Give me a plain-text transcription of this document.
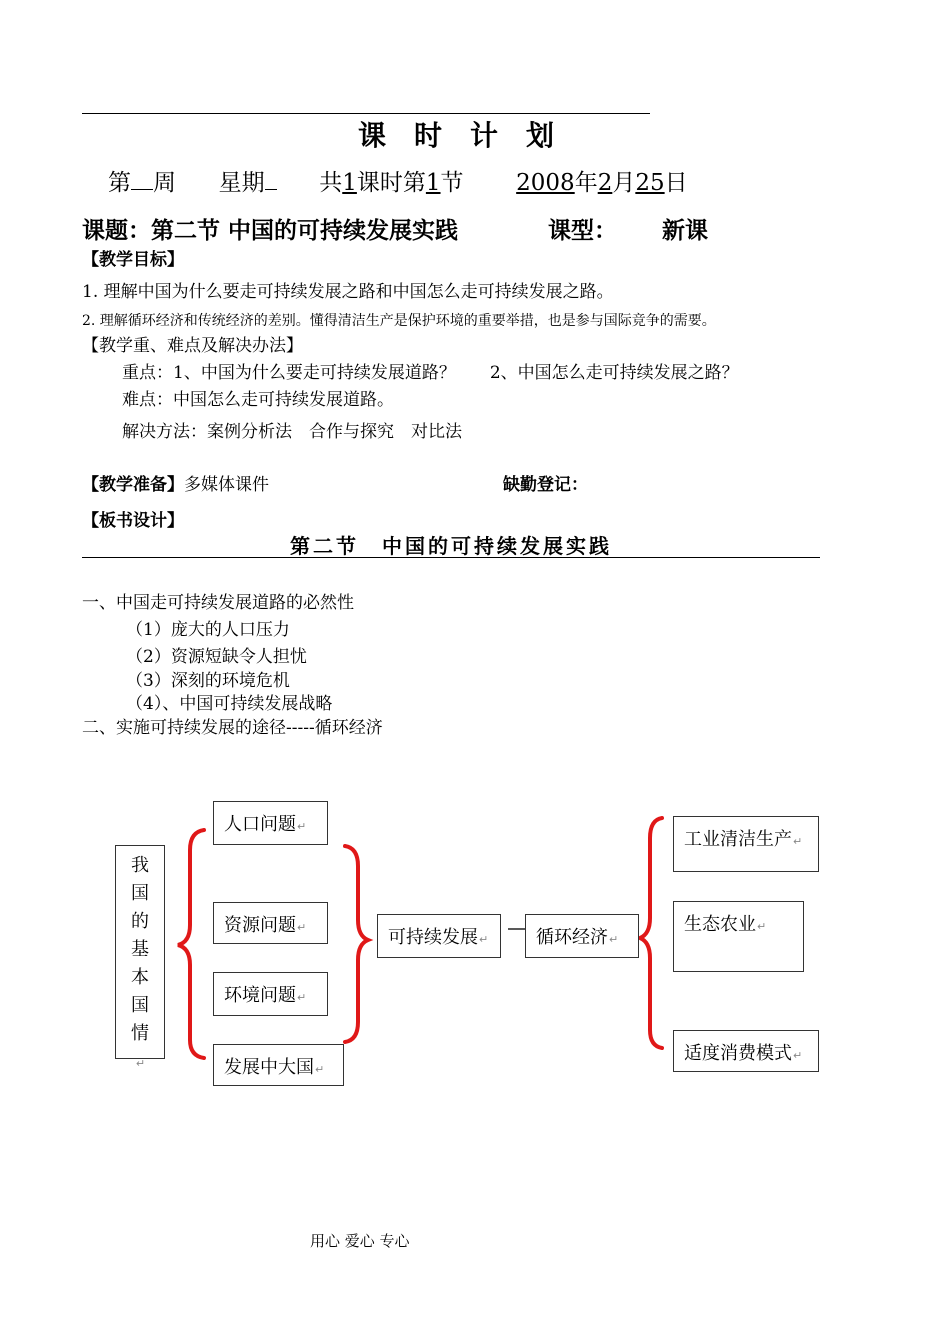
课　时　计　划
第 周 星期 共1课时第1节 2008年2月25日
课题：第二节 中国的可持续发展实践	课型： 新课
【教学目标】
1. 理解中国为什么要走可持续发展之路和中国怎么走可持续发展之路。
2. 理解循环经济和传统经济的差别。懂得清洁生产是保护环境的重要举措，也是参与国际竞争的需要。
【教学重、难点及解决办法】
重点：1、中国为什么要走可持续发展道路？　　2、中国怎么走可持续发展之路？
难点：中国怎么走可持续发展道路。
解决方法：案例分析法　合作与探究　对比法
【教学准备】多媒体课件	缺勤登记：
【板书设计】
第二节　中国的可持续发展实践
一、中国走可持续发展道路的必然性
（1）庞大的人口压力
（2）资源短缺令人担忧
（3）深刻的环境危机
（4）、中国可持续发展战略
二、实施可持续发展的途径-----循环经济
我国的基本国情↵
人口问题↵
资源问题↵
环境问题↵
发展中大国↵
可持续发展↵	循环经济↵
工业清洁生产↵
生态农业↵
适度消费模式↵
用心 爱心 专心
